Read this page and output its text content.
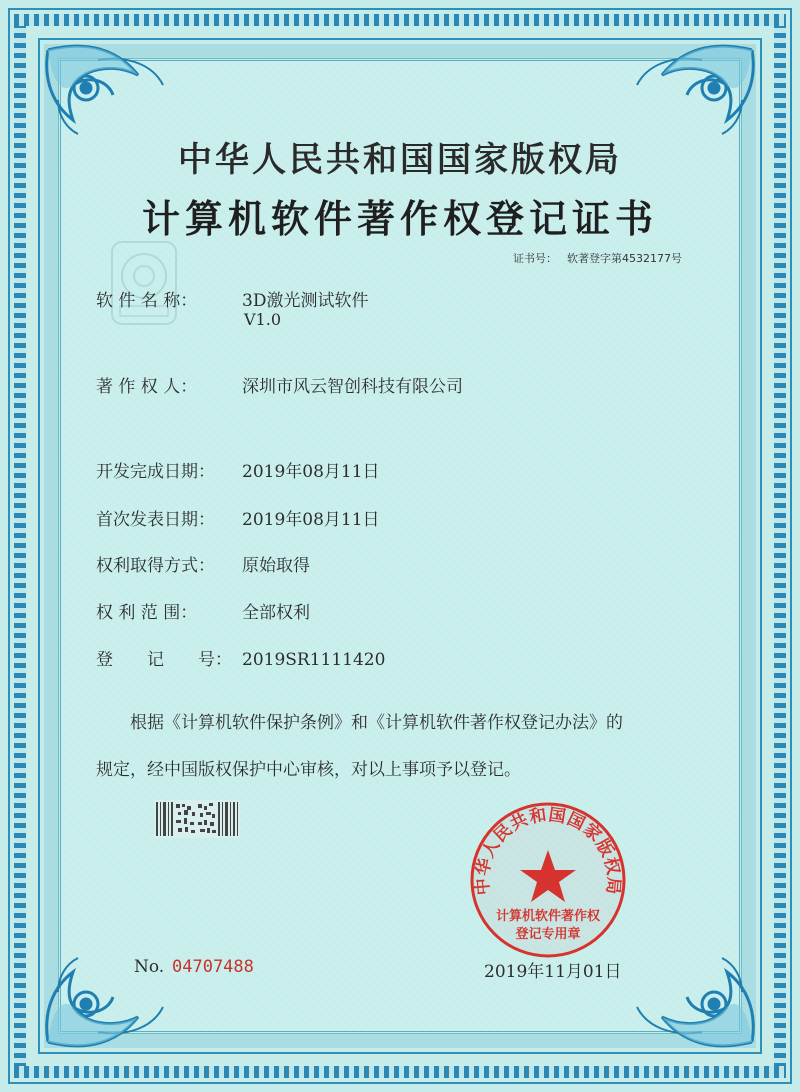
中华人民共和国国家版权局
计算机软件著作权登记证书
证书号： 软著登字第4532177号
软 件 名 称：	3D激光测试软件
V1.0
著 作 权 人：	深圳市风云智创科技有限公司
开发完成日期： 2019年08月11日
首次发表日期： 2019年08月11日
权利取得方式： 原始取得
权 利 范 围：	全部权利
登　　记　　号： 2019SR1111420
　　根据《计算机软件保护条例》和《计算机软件著作权登记办法》的
规定，经中国版权保护中心审核，对以上事项予以登记。
中华人民共和国国家版权局
计算机软件著作权
登记专用章
No. 04707488	2019年11月01日
